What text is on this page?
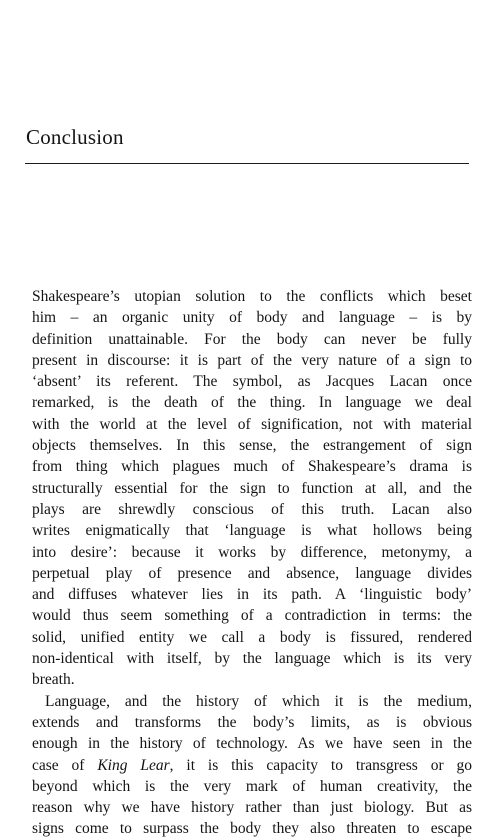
Conclusion

Shakespeare’s utopian solution to the conflicts which beset
him – an organic unity of body and language – is by
definition unattainable. For the body can never be fully
present in discourse: it is part of the very nature of a sign to
‘absent’ its referent. The symbol, as Jacques Lacan once
remarked, is the death of the thing. In language we deal
with the world at the level of signification, not with material
objects themselves. In this sense, the estrangement of sign
from thing which plagues much of Shakespeare’s drama is
structurally essential for the sign to function at all, and the
plays are shrewdly conscious of this truth. Lacan also
writes enigmatically that ‘language is what hollows being
into desire’: because it works by difference, metonymy, a
perpetual play of presence and absence, language divides
and diffuses whatever lies in its path. A ‘linguistic body’
would thus seem something of a contradiction in terms: the
solid, unified entity we call a body is fissured, rendered
non-identical with itself, by the language which is its very
breath.

Language, and the history of which it is the medium,
extends and transforms the body’s limits, as is obvious
enough in the history of technology. As we have seen in the
case of King Lear, it is this capacity to transgress or go
beyond which is the very mark of human creativity, the
reason why we have history rather than just biology. But as
signs come to surpass the body they also threaten to escape
